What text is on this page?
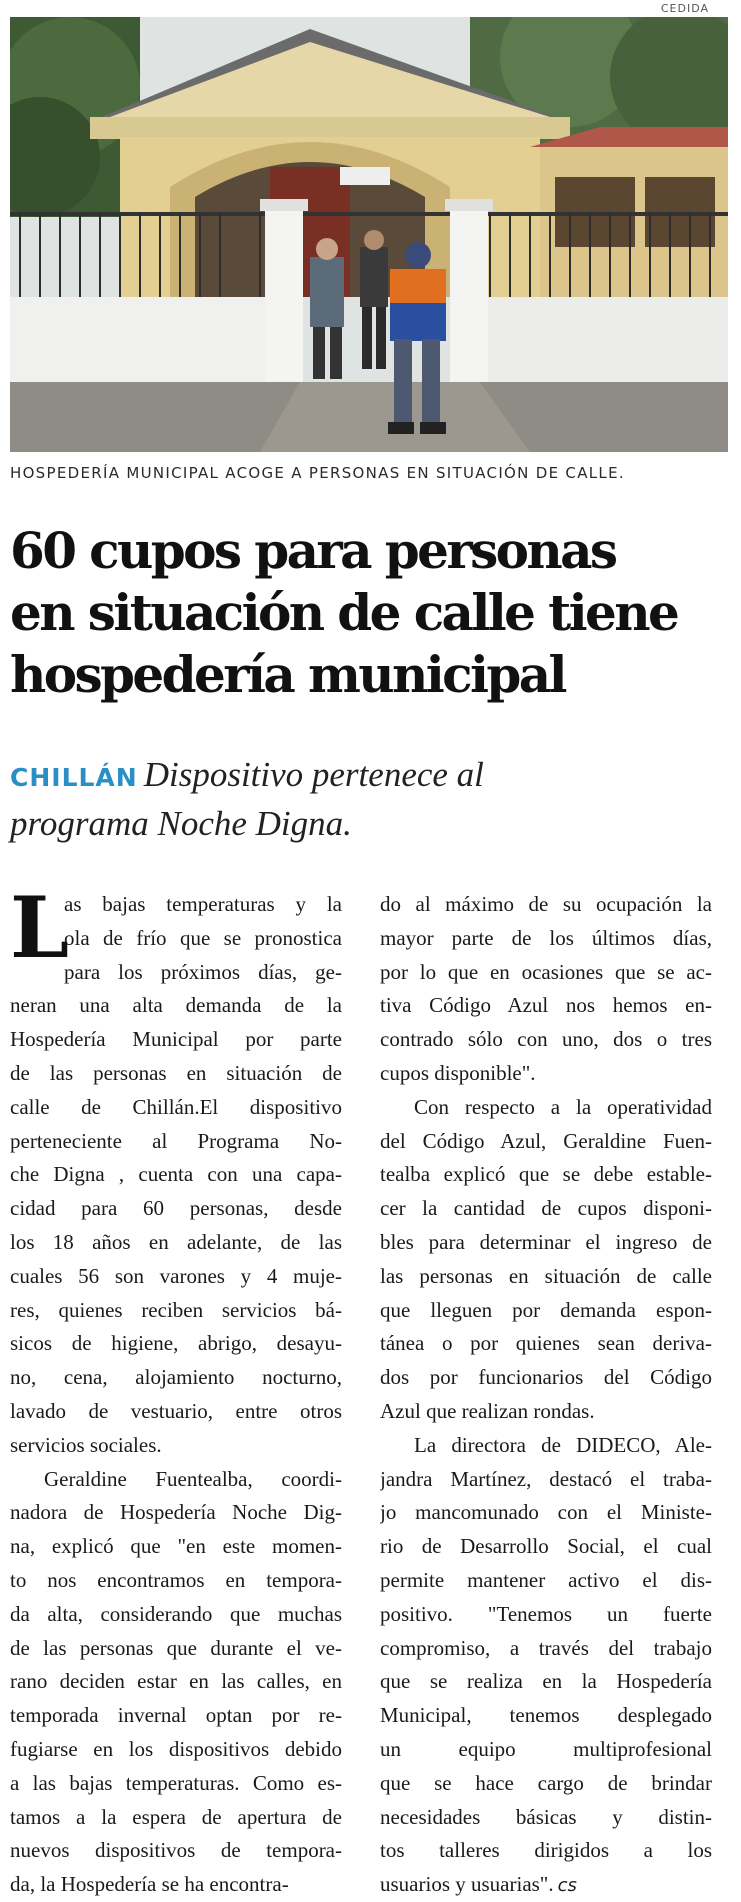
CEDIDA
HOSPEDERÍA MUNICIPAL ACOGE A PERSONAS EN SITUACIÓN DE CALLE.
60 cupos para personas
en situación de calle tiene
hospedería municipal
CHILLÁN Dispositivo pertenece al
programa Noche Digna.
L
as bajas temperaturas y la
ola de frío que se pronostica
para los próximos días, ge-
neran una alta demanda de la
Hospedería Municipal por parte
de las personas en situación de
calle de Chillán.El dispositivo
perteneciente al Programa No-
che Digna , cuenta con una capa-
cidad para 60 personas, desde
los 18 años en adelante, de las
cuales 56 son varones y 4 muje-
res, quienes reciben servicios bá-
sicos de higiene, abrigo, desayu-
no, cena, alojamiento nocturno,
lavado de vestuario, entre otros
servicios sociales.
Geraldine Fuentealba, coordi-
nadora de Hospedería Noche Dig-
na, explicó que "en este momen-
to nos encontramos en tempora-
da alta, considerando que muchas
de las personas que durante el ve-
rano deciden estar en las calles, en
temporada invernal optan por re-
fugiarse en los dispositivos debido
a las bajas temperaturas. Como es-
tamos a la espera de apertura de
nuevos dispositivos de tempora-
da, la Hospedería se ha encontra-
do al máximo de su ocupación la
mayor parte de los últimos días,
por lo que en ocasiones que se ac-
tiva Código Azul nos hemos en-
contrado sólo con uno, dos o tres
cupos disponible".
Con respecto a la operatividad
del Código Azul, Geraldine Fuen-
tealba explicó que se debe estable-
cer la cantidad de cupos disponi-
bles para determinar el ingreso de
las personas en situación de calle
que lleguen por demanda espon-
tánea o por quienes sean deriva-
dos por funcionarios del Código
Azul que realizan rondas.
La directora de DIDECO, Ale-
jandra Martínez, destacó el traba-
jo mancomunado con el Ministe-
rio de Desarrollo Social, el cual
permite mantener activo el dis-
positivo. "Tenemos un fuerte
compromiso, a través del trabajo
que se realiza en la Hospedería
Municipal, tenemos desplegado
un equipo multiprofesional
que se hace cargo de brindar
necesidades básicas y distin-
tos talleres dirigidos a los
usuarios y usuarias". cs
